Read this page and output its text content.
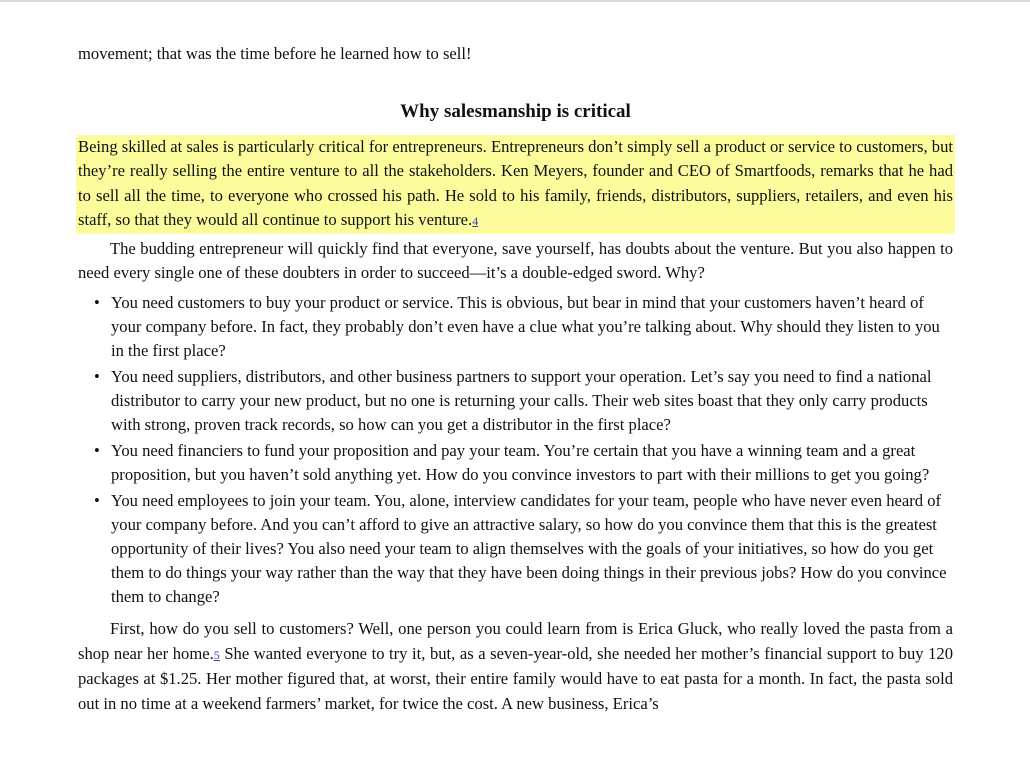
movement; that was the time before he learned how to sell!
Why salesmanship is critical

Being skilled at sales is particularly critical for entrepreneurs. Entrepreneurs don’t simply sell a product or service to customers, but they’re really selling the entire venture to all the stakeholders. Ken Meyers, founder and CEO of Smartfoods, remarks that he had to sell all the time, to everyone who crossed his path. He sold to his family, friends, distributors, suppliers, retailers, and even his staff, so that they would all continue to support his venture.4

The budding entrepreneur will quickly find that everyone, save yourself, has doubts about the venture. But you also happen to need every single one of these doubters in order to succeed—it’s a double-edged sword. Why?

• You need customers to buy your product or service. This is obvious, but bear in mind that your customers haven’t heard of your company before. In fact, they probably don’t even have a clue what you’re talking about. Why should they listen to you in the first place?
• You need suppliers, distributors, and other business partners to support your operation. Let’s say you need to find a national distributor to carry your new product, but no one is returning your calls. Their web sites boast that they only carry products with strong, proven track records, so how can you get a distributor in the first place?
• You need financiers to fund your proposition and pay your team. You’re certain that you have a winning team and a great proposition, but you haven’t sold anything yet. How do you convince investors to part with their millions to get you going?
• You need employees to join your team. You, alone, interview candidates for your team, people who have never even heard of your company before. And you can’t afford to give an attractive salary, so how do you convince them that this is the greatest opportunity of their lives? You also need your team to align themselves with the goals of your initiatives, so how do you get them to do things your way rather than the way that they have been doing things in their previous jobs? How do you convince them to change?

First, how do you sell to customers? Well, one person you could learn from is Erica Gluck, who really loved the pasta from a shop near her home.5 She wanted everyone to try it, but, as a seven-year-old, she needed her mother’s financial support to buy 120 packages at $1.25. Her mother figured that, at worst, their entire family would have to eat pasta for a month. In fact, the pasta sold out in no time at a weekend farmers’ market, for twice the cost. A new business, Erica’s
